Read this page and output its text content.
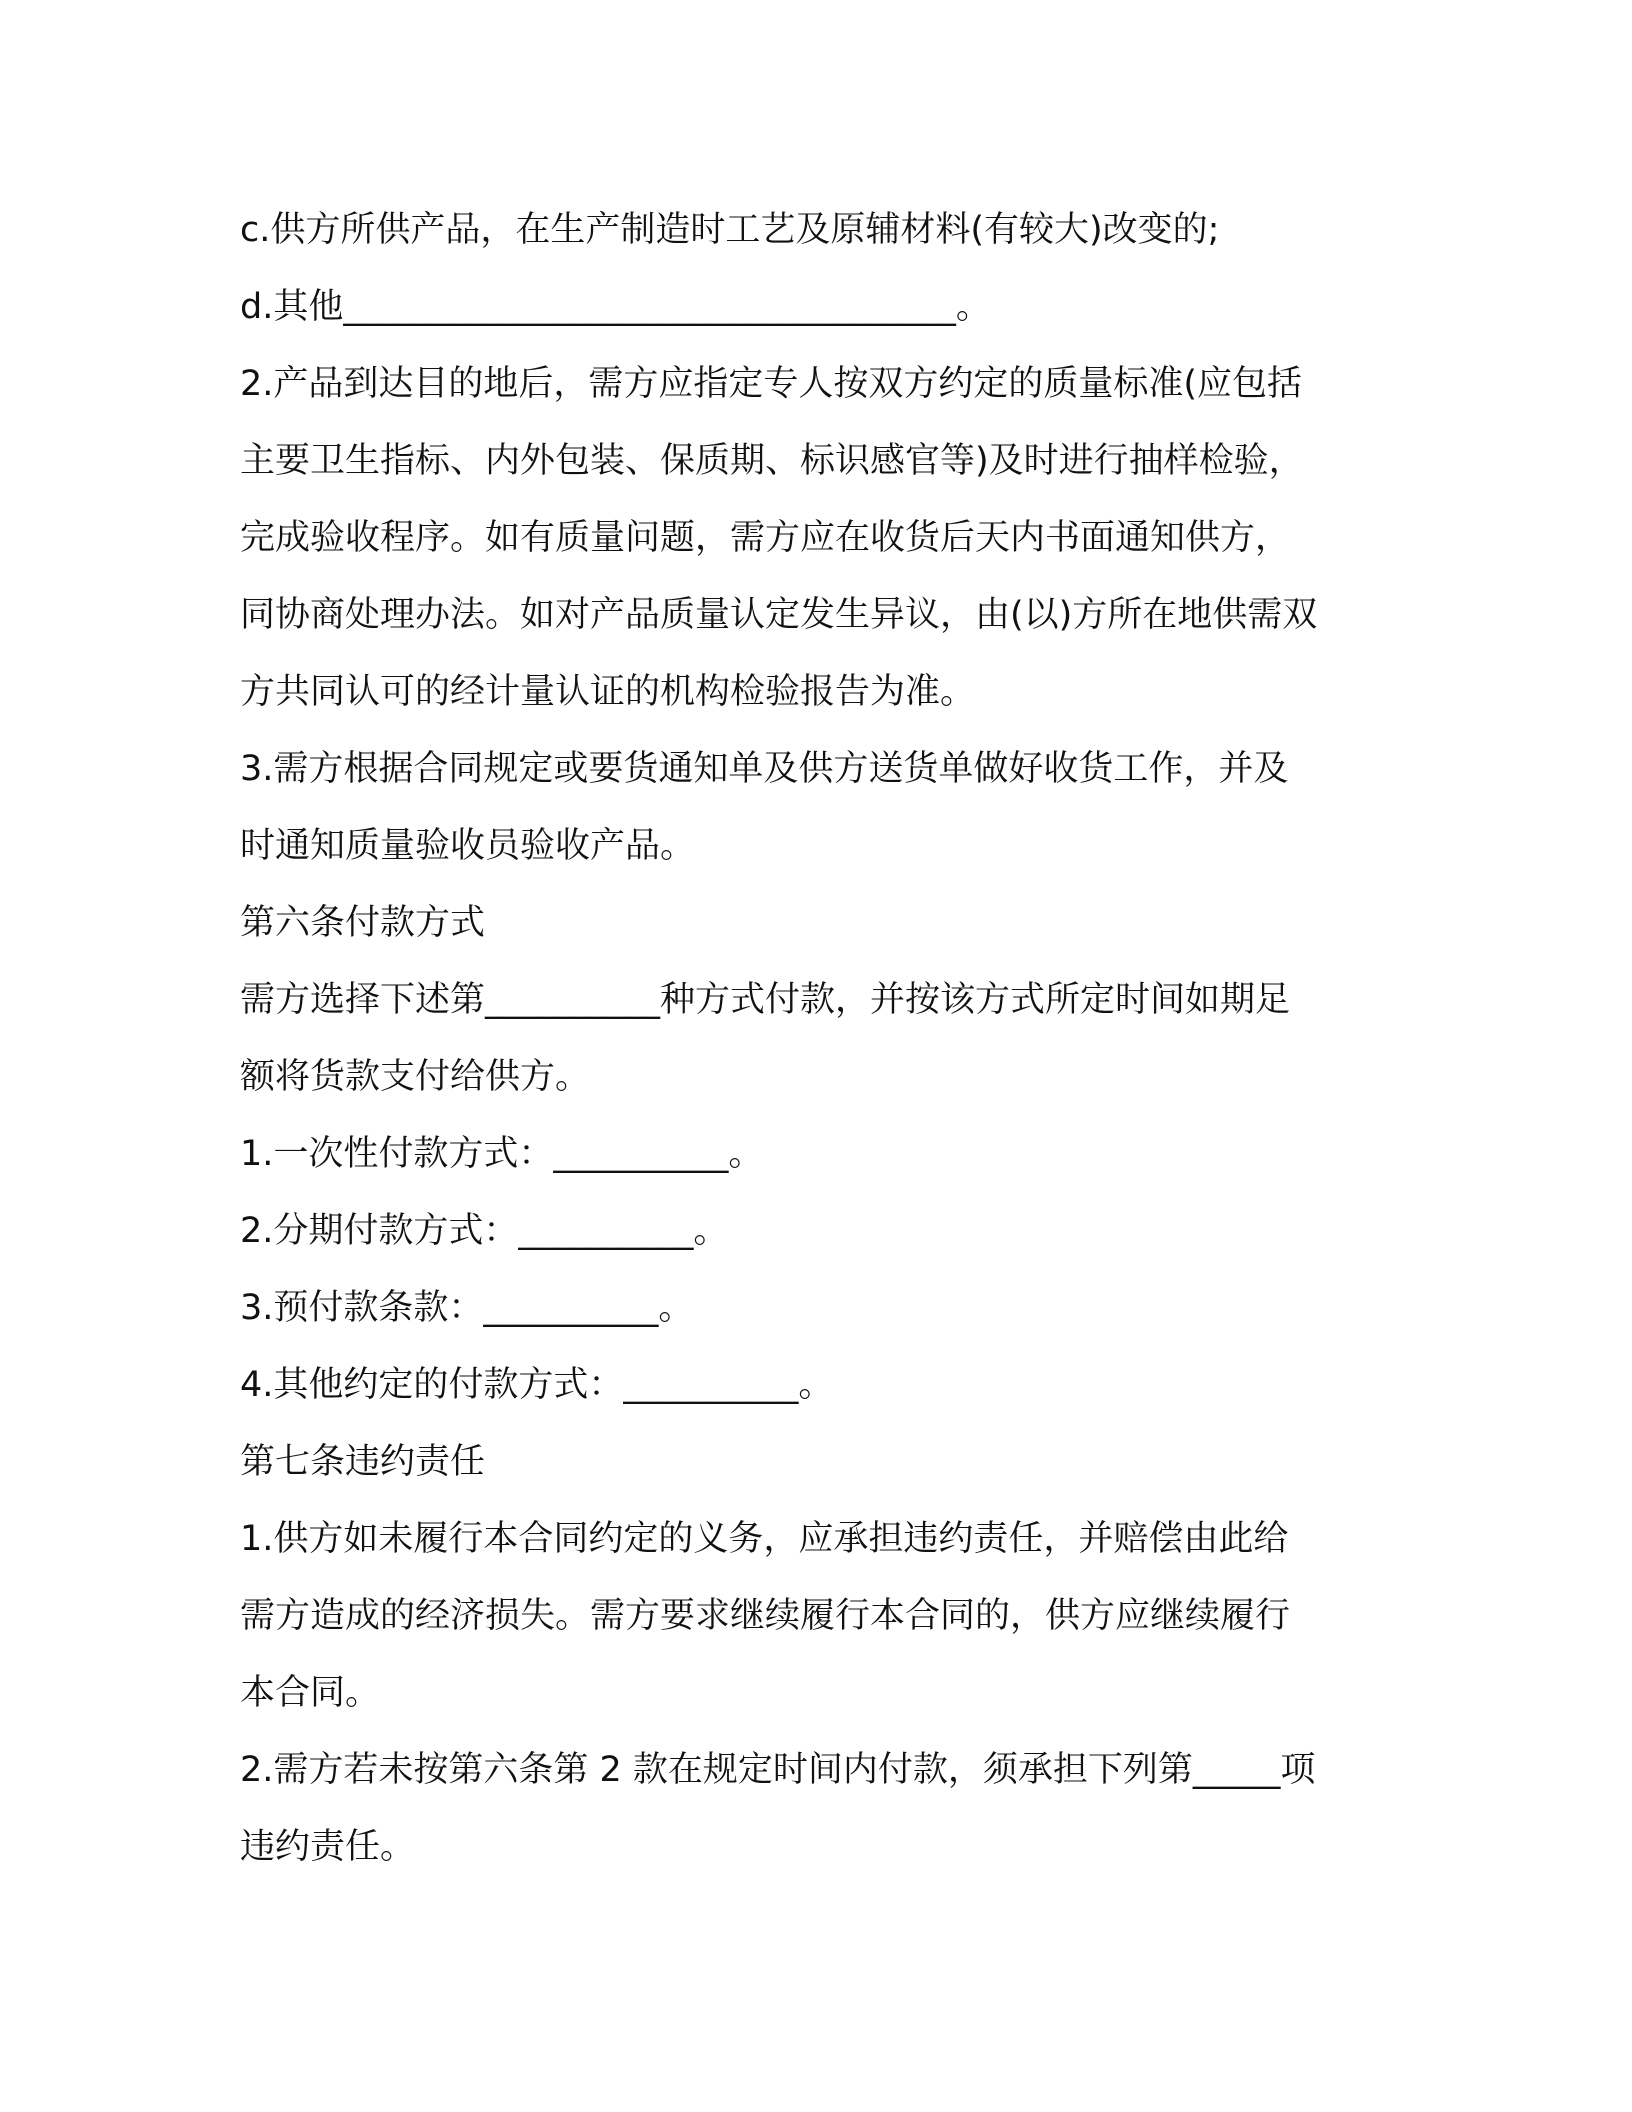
c.供方所供产品，在生产制造时工艺及原辅材料(有较大)改变的;
d.其他___________________________________。
2.产品到达目的地后，需方应指定专人按双方约定的质量标准(应包括
主要卫生指标、内外包装、保质期、标识感官等)及时进行抽样检验，
完成验收程序。如有质量问题，需方应在收货后天内书面通知供方，
同协商处理办法。如对产品质量认定发生异议，由(以)方所在地供需双
方共同认可的经计量认证的机构检验报告为准。
3.需方根据合同规定或要货通知单及供方送货单做好收货工作，并及
时通知质量验收员验收产品。
第六条付款方式
需方选择下述第__________种方式付款，并按该方式所定时间如期足
额将货款支付给供方。
1.一次性付款方式：__________。
2.分期付款方式：__________。
3.预付款条款：__________。
4.其他约定的付款方式：__________。
第七条违约责任
1.供方如未履行本合同约定的义务，应承担违约责任，并赔偿由此给
需方造成的经济损失。需方要求继续履行本合同的，供方应继续履行
本合同。
2.需方若未按第六条第 2 款在规定时间内付款，须承担下列第_____项
违约责任。
